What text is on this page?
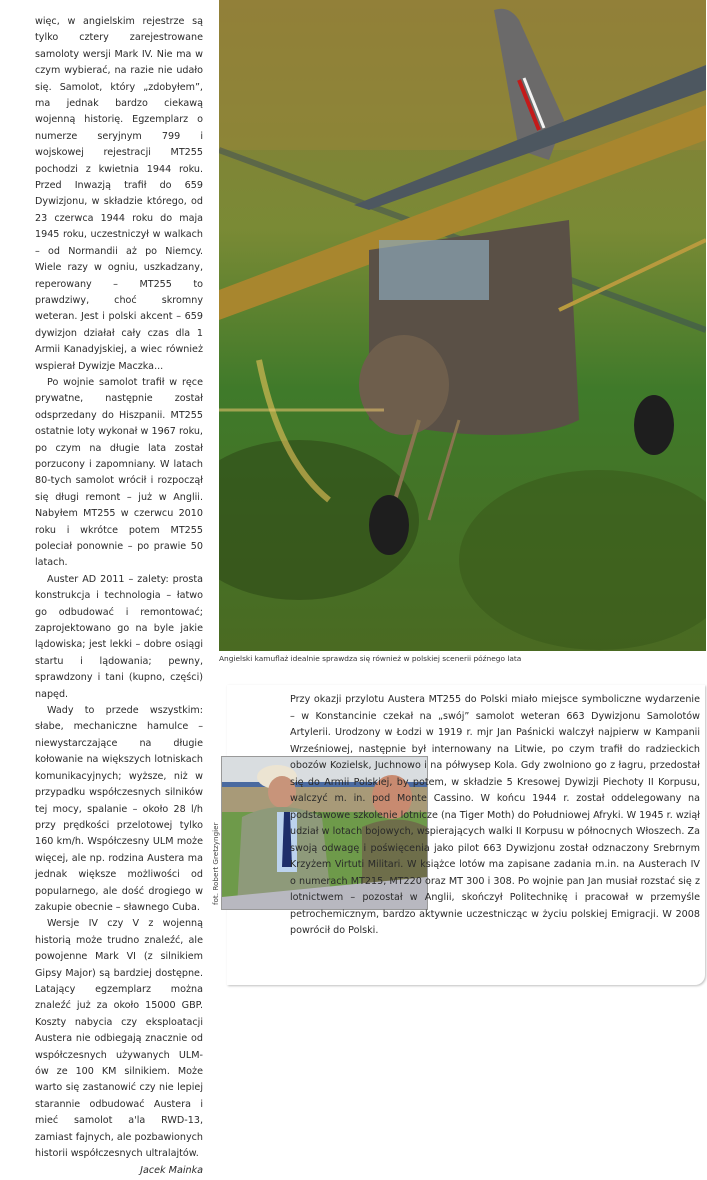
więc, w angielskim rejestrze są tylko cztery zarejestrowane samoloty wersji Mark IV. Nie ma w czym wybierać, na razie nie udało się. Samolot, który „zdobyłem”, ma jednak bardzo ciekawą wojenną historię. Egzemplarz o numerze seryjnym 799 i wojskowej rejestracji MT255 pochodzi z kwietnia 1944 roku. Przed Inwazją trafił do 659 Dywizjonu, w składzie którego, od 23 czerwca 1944 roku do maja 1945 roku, uczestniczył w walkach – od Normandii aż po Niemcy. Wiele razy w ogniu, uszkadzany, reperowany – MT255 to prawdziwy, choć skromny weteran. Jest i polski akcent – 659 dywizjon działał cały czas dla 1 Armii Kanadyjskiej, a wiec również wspierał Dywizje Maczka...

Po wojnie samolot trafił w ręce prywatne, następnie został odsprzedany do Hiszpanii. MT255 ostatnie loty wykonał w 1967 roku, po czym na długie lata został porzucony i zapomniany. W latach 80-tych samolot wrócił i rozpoczął się długi remont – już w Anglii. Nabyłem MT255 w czerwcu 2010 roku i wkrótce potem MT255 poleciał ponownie – po prawie 50 latach.

Auster AD 2011 – zalety: prosta konstrukcja i technologia – łatwo go odbudować i remontować; zaprojektowano go na byle jakie lądowiska; jest lekki – dobre osiągi startu i lądowania; pewny, sprawdzony i tani (kupno, części) napęd.

Wady to przede wszystkim: słabe, mechaniczne hamulce – niewystarczające na długie kołowanie na większych lotniskach komunikacyjnych; wyższe, niż w przypadku współczesnych silników tej mocy, spalanie – około 28 l/h przy prędkości przelotowej tylko 160 km/h. Współczesny ULM może więcej, ale np. rodzina Austera ma jednak większe możliwości od popularnego, ale dość drogiego w zakupie obecnie – sławnego Cuba.

Wersje IV czy V z wojenną historią może trudno znaleźć, ale powojenne Mark VI (z silnikiem Gipsy Major) są bardziej dostępne. Latający egzemplarz można znaleźć już za około 15000 GBP. Koszty nabycia czy eksploatacji Austera nie odbiegają znacznie od współczesnych używanych ULM-ów ze 100 KM silnikiem. Może warto się zastanowić czy nie lepiej starannie odbudować Austera i mieć samolot a'la RWD-13, zamiast fajnych, ale pozbawionych historii współczesnych ultralajtów.

Jacek Mainka
Angielski kamuflaż idealnie sprawdza się również w polskiej scenerii późnego lata
fot. Robert Gretzyngier
Przy okazji przylotu Austera MT255 do Polski miało miejsce symboliczne wydarzenie – w Konstancinie czekał na „swój” samolot weteran 663 Dywizjonu Samolotów Artylerii. Urodzony w Łodzi w 1919 r. mjr Jan Paśnicki walczył najpierw w Kampanii Wrześniowej, następnie był internowany na Litwie, po czym trafił do radzieckich obozów Kozielsk, Juchnowo i na półwysep Kola. Gdy zwolniono go z łagru, przedostał się do Armii Polskiej, by potem, w składzie 5 Kresowej Dywizji Piechoty II Korpusu, walczyć m. in. pod Monte Cassino. W końcu 1944 r. został oddelegowany na podstawowe szkolenie lotnicze (na Tiger Moth) do Południowej Afryki. W 1945 r. wziął udział w lotach bojowych, wspierających walki II Korpusu w północnych Włoszech. Za swoją odwagę i poświęcenia jako pilot 663 Dywizjonu został odznaczony Srebrnym Krzyżem Virtuti Militari. W książce lotów ma zapisane zadania m.in. na Austerach IV o numerach MT215, MT220 oraz MT 300 i 308. Po wojnie pan Jan musiał rozstać się z lotnictwem – pozostał w Anglii, skończył Politechnikę i pracował w przemyśle petrochemicznym, bardzo aktywnie uczestnicząc w życiu polskiej Emigracji. W 2008 powrócił do Polski.
